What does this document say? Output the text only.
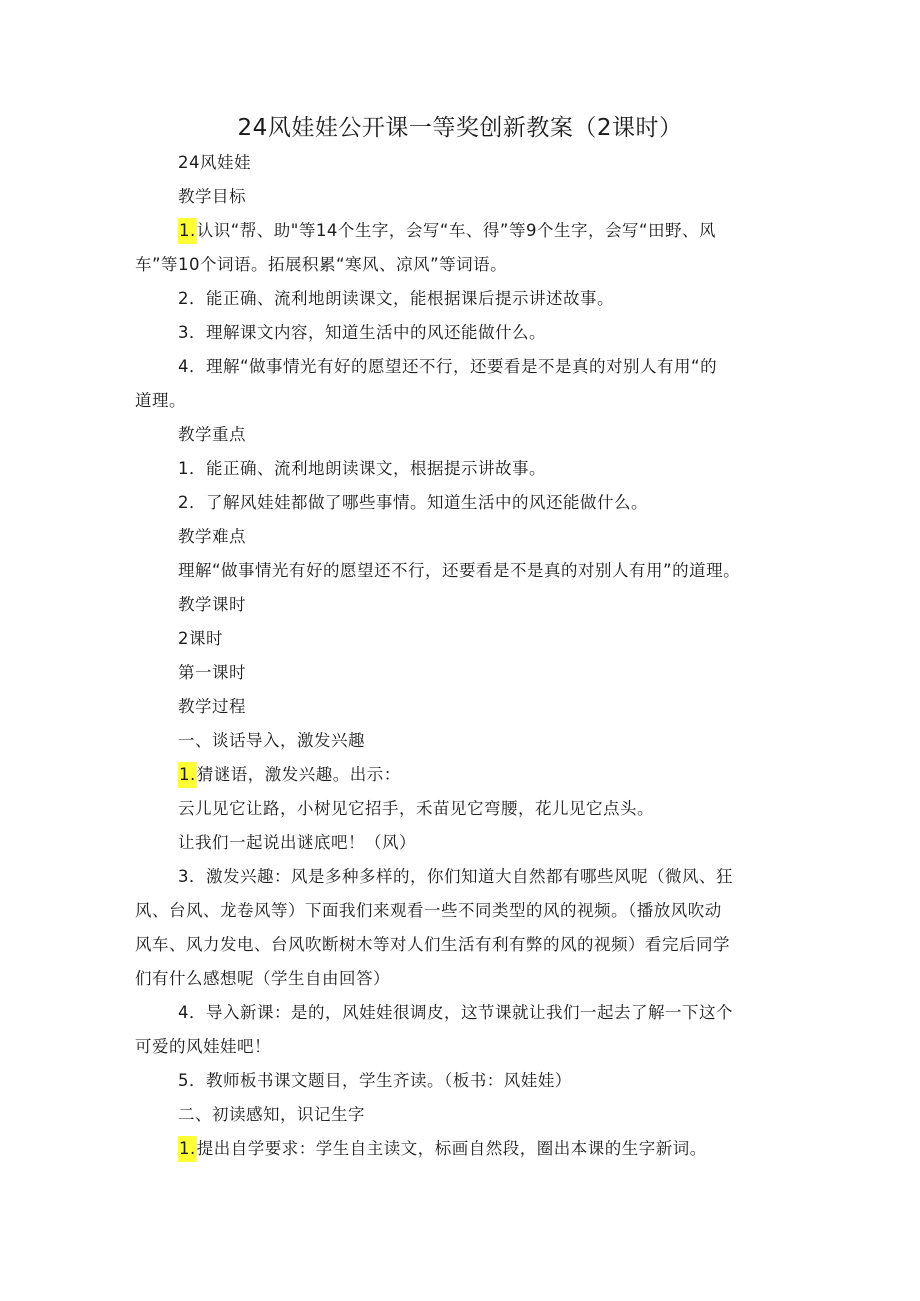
24风娃娃公开课一等奖创新教案（2课时）
24风娃娃
教学目标
1.认识“帮、助"等14个生字，会写“车、得”等9个生字，会写“田野、风
车”等10个词语。拓展积累“寒风、凉风”等词语。
2．能正确、流利地朗读课文，能根据课后提示讲述故事。
3．理解课文内容，知道生活中的风还能做什么。
4．理解“做事情光有好的愿望还不行，还要看是不是真的对别人有用“的
道理。
教学重点
1．能正确、流利地朗读课文，根据提示讲故事。
2．了解风娃娃都做了哪些事情。知道生活中的风还能做什么。
教学难点
理解“做事情光有好的愿望还不行，还要看是不是真的对别人有用”的道理。
教学课时
2课时
第一课时
教学过程
一、谈话导入，激发兴趣
1.猜谜语，激发兴趣。出示：
云儿见它让路，小树见它招手，禾苗见它弯腰，花儿见它点头。
让我们一起说出谜底吧！（风）
3．激发兴趣：风是多种多样的，你们知道大自然都有哪些风呢（微风、狂
风、台风、龙卷风等）下面我们来观看一些不同类型的风的视频。（播放风吹动
风车、风力发电、台风吹断树木等对人们生活有利有弊的风的视频）看完后同学
们有什么感想呢（学生自由回答）
4．导入新课：是的，风娃娃很调皮，这节课就让我们一起去了解一下这个
可爱的风娃娃吧！
5．教师板书课文题目，学生齐读。（板书：风娃娃）
二、初读感知，识记生字
1.提出自学要求：学生自主读文，标画自然段，圈出本课的生字新词。
